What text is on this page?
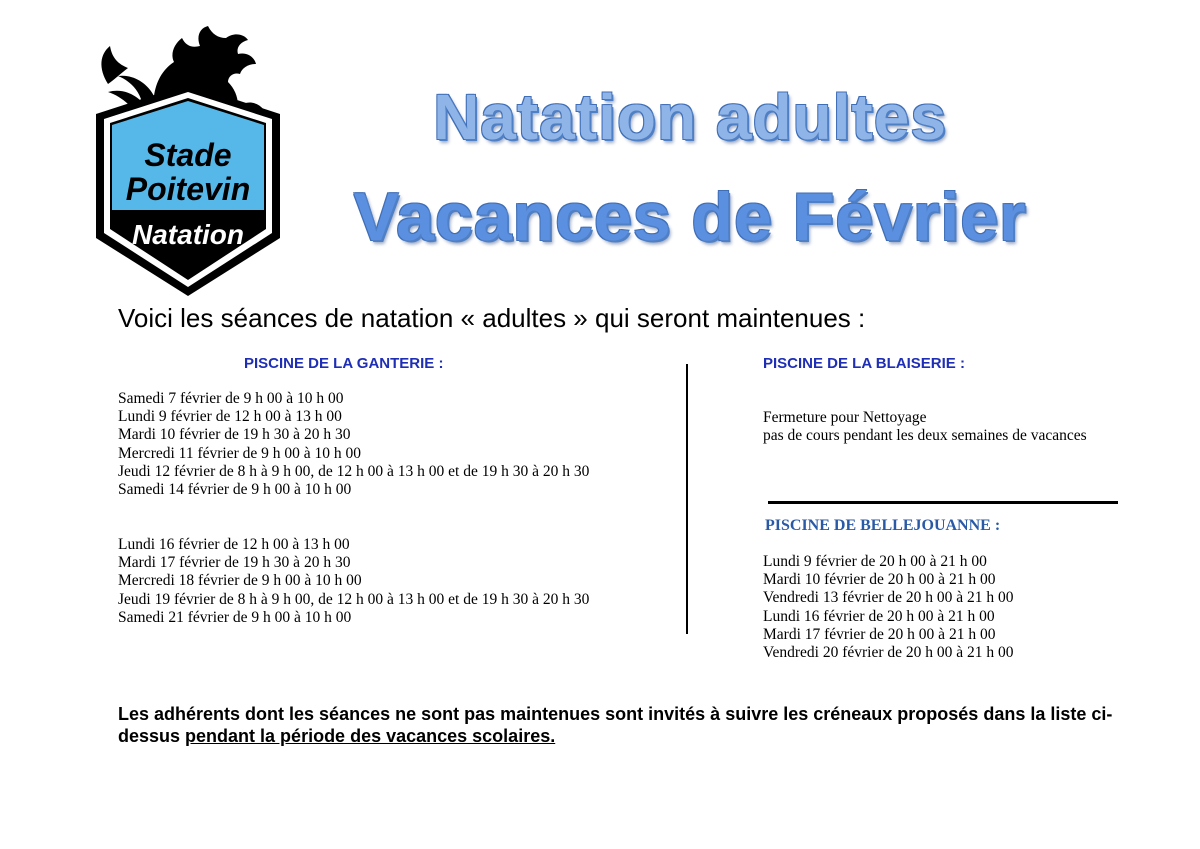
Stade
Poitevin
Natation
Natation adultes
Vacances de Février
Voici les séances de natation « adultes » qui seront maintenues :
PISCINE DE LA GANTERIE :
Samedi 7 février de 9 h 00 à 10 h 00
Lundi 9 février de 12 h 00 à 13 h 00
Mardi 10 février de 19 h 30 à 20 h 30
Mercredi 11 février de 9 h 00 à 10 h 00
Jeudi 12 février de 8 h à 9 h 00, de 12 h 00 à 13 h 00 et de 19 h 30 à 20 h 30
Samedi 14 février de 9 h 00 à 10 h 00
Lundi 16 février de 12 h 00 à 13 h 00
Mardi 17 février de 19 h 30 à 20 h 30
Mercredi 18 février de 9 h 00 à 10 h 00
Jeudi 19 février de 8 h à 9 h 00, de 12 h 00 à 13 h 00 et de 19 h 30 à 20 h 30
Samedi 21 février de 9 h 00 à 10 h 00
PISCINE DE LA BLAISERIE :
Fermeture pour Nettoyage
pas de cours pendant les deux semaines de vacances
PISCINE DE BELLEJOUANNE :
Lundi 9 février de 20 h 00 à 21 h 00
Mardi 10 février de 20 h 00 à 21 h 00
Vendredi 13 février de 20 h 00 à 21 h 00
Lundi 16 février de 20 h 00 à 21 h 00
Mardi 17 février de 20 h 00 à 21 h 00
Vendredi 20 février de 20 h 00 à 21 h 00
Les adhérents dont les séances ne sont pas maintenues sont invités à suivre les créneaux proposés dans la liste ci-dessus pendant la période des vacances scolaires.
